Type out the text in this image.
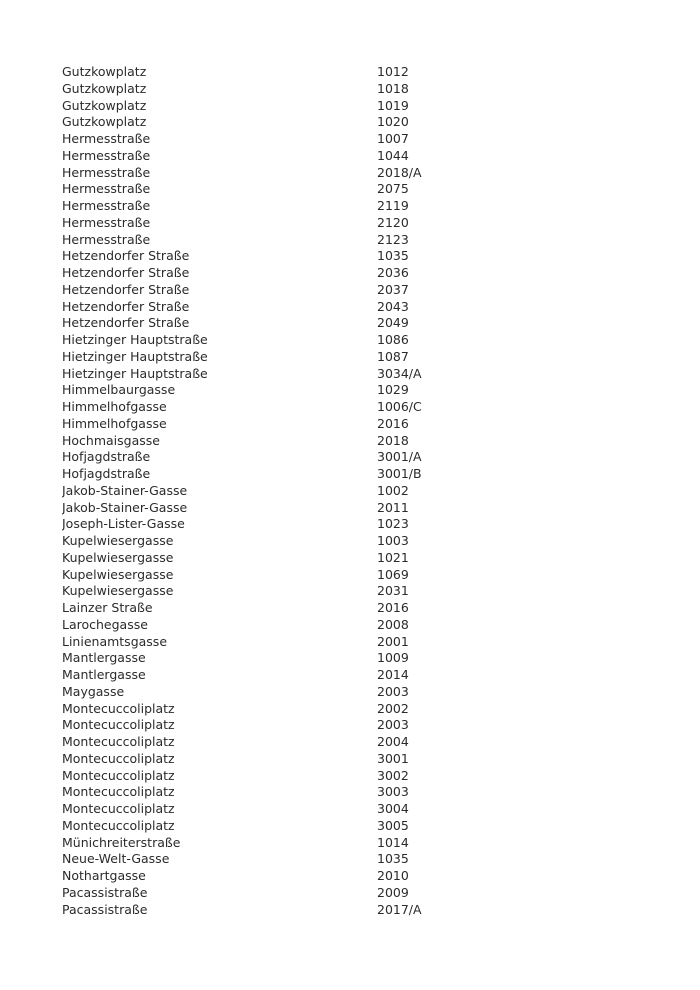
Gutzkowplatz	1012
Gutzkowplatz	1018
Gutzkowplatz	1019
Gutzkowplatz	1020
Hermesstraße	1007
Hermesstraße	1044
Hermesstraße	2018/A
Hermesstraße	2075
Hermesstraße	2119
Hermesstraße	2120
Hermesstraße	2123
Hetzendorfer Straße	1035
Hetzendorfer Straße	2036
Hetzendorfer Straße	2037
Hetzendorfer Straße	2043
Hetzendorfer Straße	2049
Hietzinger Hauptstraße	1086
Hietzinger Hauptstraße	1087
Hietzinger Hauptstraße	3034/A
Himmelbaurgasse	1029
Himmelhofgasse	1006/C
Himmelhofgasse	2016
Hochmaisgasse	2018
Hofjagdstraße	3001/A
Hofjagdstraße	3001/B
Jakob-Stainer-Gasse	1002
Jakob-Stainer-Gasse	2011
Joseph-Lister-Gasse	1023
Kupelwiesergasse	1003
Kupelwiesergasse	1021
Kupelwiesergasse	1069
Kupelwiesergasse	2031
Lainzer Straße	2016
Larochegasse	2008
Linienamtsgasse	2001
Mantlergasse	1009
Mantlergasse	2014
Maygasse	2003
Montecuccoliplatz	2002
Montecuccoliplatz	2003
Montecuccoliplatz	2004
Montecuccoliplatz	3001
Montecuccoliplatz	3002
Montecuccoliplatz	3003
Montecuccoliplatz	3004
Montecuccoliplatz	3005
Münichreiterstraße	1014
Neue-Welt-Gasse	1035
Nothartgasse	2010
Pacassistraße	2009
Pacassistraße	2017/A
